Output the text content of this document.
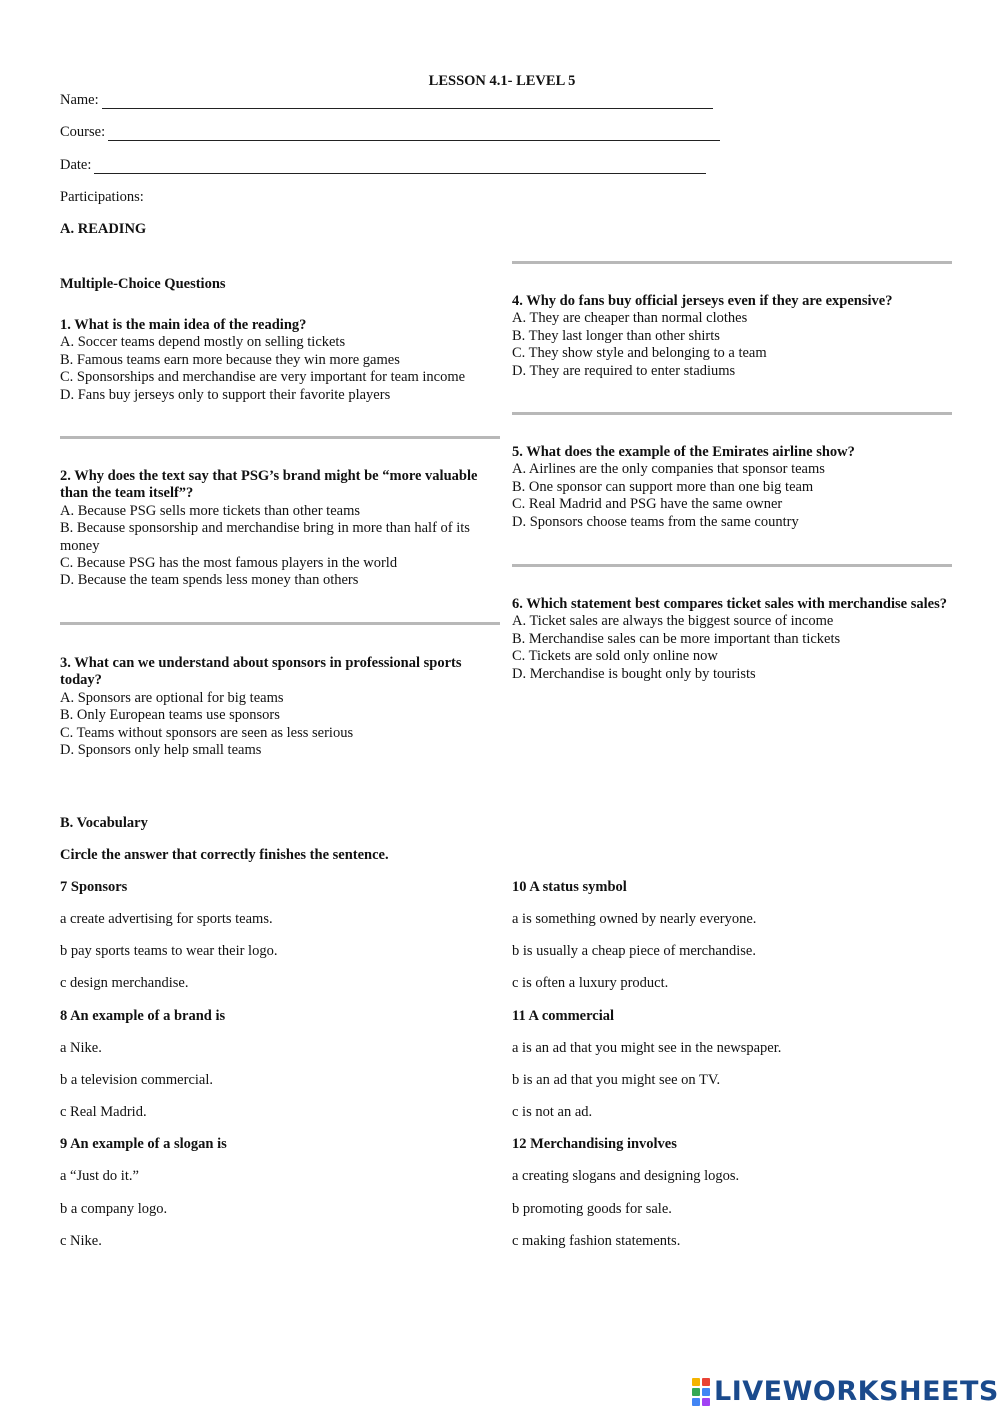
LESSON 4.1- LEVEL 5
Name:
Course:
Date:
Participations:
A. READING
Multiple-Choice Questions
1. What is the main idea of the reading?
A. Soccer teams depend mostly on selling tickets
B. Famous teams earn more because they win more games
C. Sponsorships and merchandise are very important for team income
D. Fans buy jerseys only to support their favorite players
2. Why does the text say that PSG’s brand might be “more valuable than the team itself”?
A. Because PSG sells more tickets than other teams
B. Because sponsorship and merchandise bring in more than half of its money
C. Because PSG has the most famous players in the world
D. Because the team spends less money than others
3. What can we understand about sponsors in professional sports today?
A. Sponsors are optional for big teams
B. Only European teams use sponsors
C. Teams without sponsors are seen as less serious
D. Sponsors only help small teams
4. Why do fans buy official jerseys even if they are expensive?
A. They are cheaper than normal clothes
B. They last longer than other shirts
C. They show style and belonging to a team
D. They are required to enter stadiums
5. What does the example of the Emirates airline show?
A. Airlines are the only companies that sponsor teams
B. One sponsor can support more than one big team
C. Real Madrid and PSG have the same owner
D. Sponsors choose teams from the same country
6. Which statement best compares ticket sales with merchandise sales?
A. Ticket sales are always the biggest source of income
B. Merchandise sales can be more important than tickets
C. Tickets are sold only online now
D. Merchandise is bought only by tourists
B. Vocabulary
Circle the answer that correctly finishes the sentence.
7 Sponsors
a create advertising for sports teams.
b pay sports teams to wear their logo.
c design merchandise.
8 An example of a brand is
a Nike.
b a television commercial.
c Real Madrid.
9 An example of a slogan is
a “Just do it.”
b a company logo.
c Nike.
10 A status symbol
a is something owned by nearly everyone.
b is usually a cheap piece of merchandise.
c is often a luxury product.
11 A commercial
a is an ad that you might see in the newspaper.
b is an ad that you might see on TV.
c is not an ad.
12 Merchandising involves
a creating slogans and designing logos.
b promoting goods for sale.
c making fashion statements.
LIVEWORKSHEETS
